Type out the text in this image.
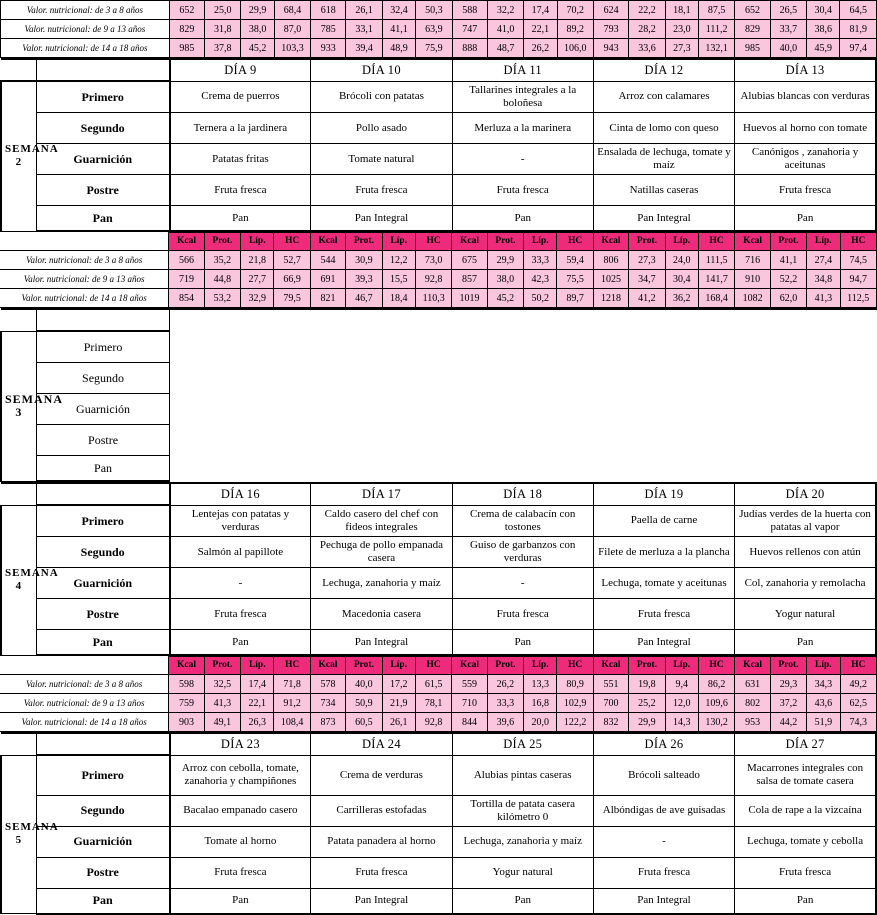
Valor. nutricional: de 3 a 8 años	652	25,0	29,9	68,4	618	26,1	32,4	50,3	588	32,2	17,4	70,2	624	22,2	18,1	87,5	652	26,5	30,4	64,5
Valor. nutricional: de 9 a 13 años	829	31,8	38,0	87,0	785	33,1	41,1	63,9	747	41,0	22,1	89,2	793	28,2	23,0	111,2	829	33,7	38,6	81,9
Valor. nutricional: de 14 a 18 años	985	37,8	45,2	103,3	933	39,4	48,9	75,9	888	48,7	26,2	106,0	943	33,6	27,3	132,1	985	40,0	45,9	97,4
		DÍA 9	DÍA 10	DÍA 11	DÍA 12	DÍA 13
SEMANA 2	Primero	Crema de puerros	Brócoli con patatas	Tallarines integrales a la boloñesa	Arroz con calamares	Alubias blancas con verduras
	Segundo	Ternera a la jardinera	Pollo asado	Merluza a la marinera	Cinta de lomo con queso	Huevos al horno con tomate
	Guarnición	Patatas fritas	Tomate natural	-	Ensalada de lechuga, tomate y maíz	Canónigos , zanahoria y aceitunas
	Postre	Fruta fresca	Fruta fresca	Fruta fresca	Natillas caseras	Fruta fresca
	Pan	Pan	Pan Integral	Pan	Pan Integral	Pan
	Kcal	Prot.	Líp.	HC	Kcal	Prot.	Líp.	HC	Kcal	Prot.	Líp.	HC	Kcal	Prot.	Líp.	HC	Kcal	Prot.	Líp.	HC
Valor. nutricional: de 3 a 8 años	566	35,2	21,8	52,7	544	30,9	12,2	73,0	675	29,9	33,3	59,4	806	27,3	24,0	111,5	716	41,1	27,4	74,5
Valor. nutricional: de 9 a 13 años	719	44,8	27,7	66,9	691	39,3	15,5	92,8	857	38,0	42,3	75,5	1025	34,7	30,4	141,7	910	52,2	34,8	94,7
Valor. nutricional: de 14 a 18 años	854	53,2	32,9	79,5	821	46,7	18,4	110,3	1019	45,2	50,2	89,7	1218	41,2	36,2	168,4	1082	62,0	41,3	112,5

SEMANA 3	Primero					
	Segundo					
	Guarnición					
	Postre					
	Pan					
		DÍA 16	DÍA 17	DÍA 18	DÍA 19	DÍA 20
SEMANA 4	Primero	Lentejas con patatas y verduras	Caldo casero del chef con fideos integrales	Crema de calabacín con tostones	Paella de carne	Judías verdes de la huerta con patatas al vapor
	Segundo	Salmón al papillote	Pechuga de pollo empanada casera	Guiso de garbanzos con verduras	Filete de merluza a la plancha	Huevos rellenos con atún
	Guarnición	-	Lechuga, zanahoria y maíz	-	Lechuga, tomate y aceitunas	Col, zanahoria y remolacha
	Postre	Fruta fresca	Macedonia casera	Fruta fresca	Fruta fresca	Yogur natural
	Pan	Pan	Pan Integral	Pan	Pan Integral	Pan
	Kcal	Prot.	Líp.	HC	Kcal	Prot.	Líp.	HC	Kcal	Prot.	Líp.	HC	Kcal	Prot.	Líp.	HC	Kcal	Prot.	Líp.	HC
Valor. nutricional: de 3 a 8 años	598	32,5	17,4	71,8	578	40,0	17,2	61,5	559	26,2	13,3	80,9	551	19,8	9,4	86,2	631	29,3	34,3	49,2
Valor. nutricional: de 9 a 13 años	759	41,3	22,1	91,2	734	50,9	21,9	78,1	710	33,3	16,8	102,9	700	25,2	12,0	109,6	802	37,2	43,6	62,5
Valor. nutricional: de 14 a 18 años	903	49,1	26,3	108,4	873	60,5	26,1	92,8	844	39,6	20,0	122,2	832	29,9	14,3	130,2	953	44,2	51,9	74,3
		DÍA 23	DÍA 24	DÍA 25	DÍA 26	DÍA 27
SEMANA 5	Primero	Arroz con cebolla, tomate, zanahoria y champiñones	Crema de verduras	Alubias pintas caseras	Brócoli salteado	Macarrones integrales con salsa de tomate casera
	Segundo	Bacalao empanado casero	Carrilleras estofadas	Tortilla de patata casera kilómetro 0	Albóndigas de ave guisadas	Cola de rape a la vizcaína
	Guarnición	Tomate al horno	Patata panadera al horno	Lechuga, zanahoria y maíz	-	Lechuga, tomate y cebolla
	Postre	Fruta fresca	Fruta fresca	Yogur natural	Fruta fresca	Fruta fresca
	Pan	Pan	Pan Integral	Pan	Pan Integral	Pan
